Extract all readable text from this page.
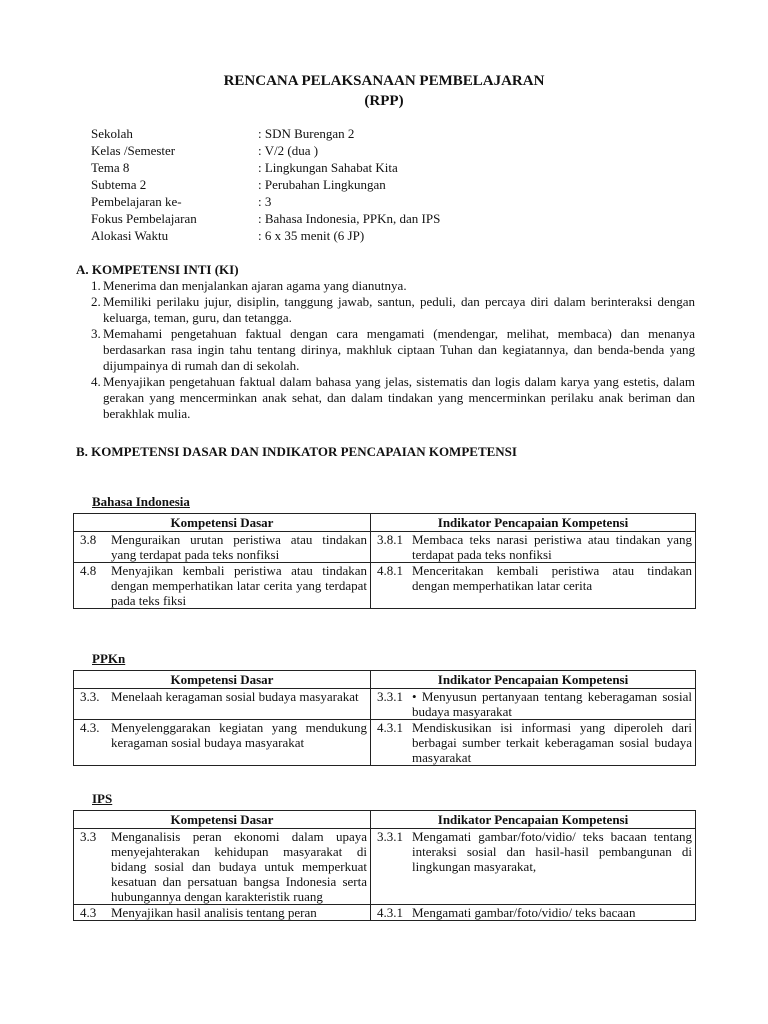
RENCANA PELAKSANAAN PEMBELAJARAN
(RPP)
Sekolah	: SDN Burengan 2
Kelas /Semester	: V/2 (dua )
Tema 8	: Lingkungan Sahabat Kita
Subtema 2	: Perubahan Lingkungan
Pembelajaran ke-	: 3
Fokus Pembelajaran	: Bahasa Indonesia, PPKn, dan IPS
Alokasi Waktu	: 6 x 35 menit (6 JP)
A. KOMPETENSI INTI (KI)
1. Menerima dan menjalankan ajaran agama yang dianutnya.
2. Memiliki perilaku jujur, disiplin, tanggung jawab, santun, peduli, dan percaya diri dalam berinteraksi dengan keluarga, teman, guru, dan tetangga.
3. Memahami pengetahuan faktual dengan cara mengamati (mendengar, melihat, membaca) dan menanya berdasarkan rasa ingin tahu tentang dirinya, makhluk ciptaan Tuhan dan kegiatannya, dan benda-benda yang dijumpainya di rumah dan di sekolah.
4. Menyajikan pengetahuan faktual dalam bahasa yang jelas, sistematis dan logis dalam karya yang estetis, dalam gerakan yang mencerminkan anak sehat, dan dalam tindakan yang mencerminkan perilaku anak beriman dan berakhlak mulia.
B. KOMPETENSI DASAR DAN INDIKATOR PENCAPAIAN KOMPETENSI
Bahasa Indonesia
Kompetensi Dasar	Indikator Pencapaian Kompetensi

3.8 Menguraikan urutan peristiwa atau tindakan yang terdapat pada teks nonfiksi	3.8.1 Membaca teks narasi peristiwa atau tindakan yang terdapat pada teks nonfiksi

4.8 Menyajikan kembali peristiwa atau tindakan dengan memperhatikan latar cerita yang terdapat pada teks fiksi	4.8.1 Menceritakan kembali peristiwa atau tindakan dengan memperhatikan latar cerita
PPKn
Kompetensi Dasar	Indikator Pencapaian Kompetensi

3.3. Menelaah keragaman sosial budaya masyarakat	3.3.1 • Menyusun pertanyaan tentang keberagaman sosial budaya masyarakat

4.3. Menyelenggarakan kegiatan yang mendukung keragaman sosial budaya masyarakat	4.3.1 Mendiskusikan isi informasi yang diperoleh dari berbagai sumber terkait keberagaman sosial budaya masyarakat
IPS
Kompetensi Dasar	Indikator Pencapaian Kompetensi

3.3 Menganalisis peran ekonomi dalam upaya menyejahterakan kehidupan masyarakat di bidang sosial dan budaya untuk memperkuat kesatuan dan persatuan bangsa Indonesia serta hubungannya dengan karakteristik ruang	3.3.1 Mengamati gambar/foto/vidio/ teks bacaan tentang interaksi sosial dan hasil-hasil pembangunan di lingkungan masyarakat,

4.3 Menyajikan hasil analisis tentang peran	4.3.1 Mengamati gambar/foto/vidio/ teks bacaan
